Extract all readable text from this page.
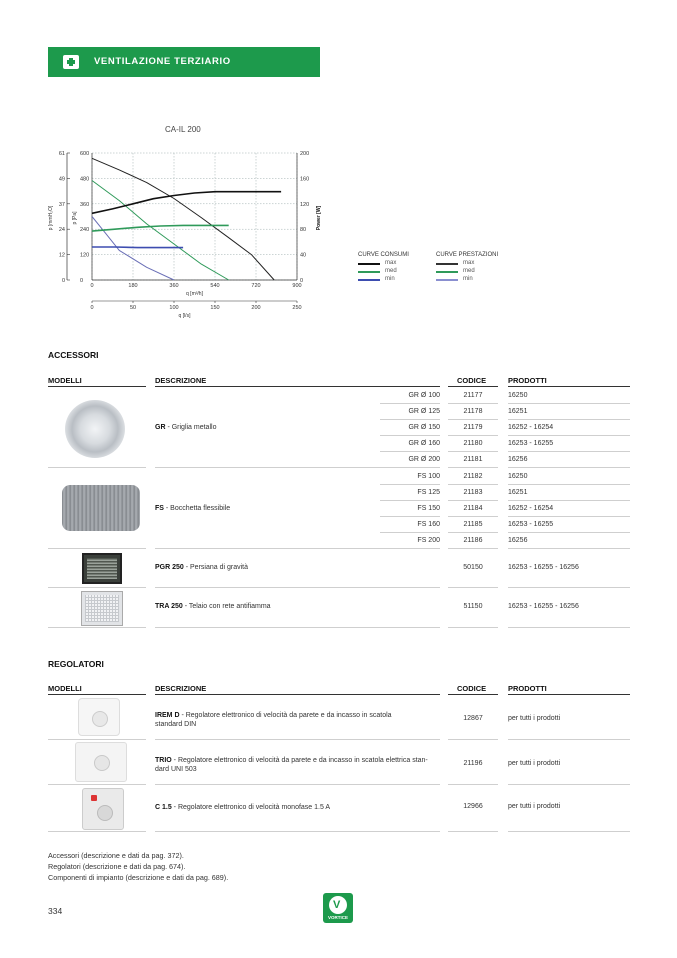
VENTILAZIONE TERZIARIO
CA-IL 200
61
49
37
24
12
0
600
480
360
240
120
0
200
160
120
80
40
0
0	180	360	540	720	900
q [m³/h]
0	50	100	150	200	250
q [l/s]
p [mmH₂O]	p [Pa]	Power [W]
CURVE CONSUMI	CURVE PRESTAZIONI
max
med
min
max
med
min
ACCESSORI
MODELLI	DESCRIZIONE	CODICE	PRODOTTI
GR - Griglia metallo
FS - Bocchetta flessibile
PGR 250 - Persiana di gravità	50150	16253 - 16255 - 16256
TRA 250 - Telaio con rete antifiamma	51150	16253 - 16255 - 16256
REGOLATORI
MODELLI	DESCRIZIONE	CODICE	PRODOTTI
Accessori (descrizione e dati da pag. 372).
Regolatori (descrizione e dati da pag. 674).
Componenti di impianto (descrizione e dati da pag. 689).
334	V
VORTICE
GR Ø 100	21177	16250
GR Ø 125	21178	16251
GR Ø 150	21179	16252 - 16254
GR Ø 160	21180	16253 - 16255
GR Ø 200	21181	16256
FS 100	21182	16250
FS 125	21183	16251
FS 150	21184	16252 - 16254
FS 160	21185	16253 - 16255
FS 200	21186	16256
IREM D - Regolatore elettronico di velocità da parete e da incasso in scatola
standard DIN
12867	per tutti i prodotti
TRIO - Regolatore elettronico di velocità da parete e da incasso in scatola elettrica stan-
dard UNI 503
21196	per tutti i prodotti
C 1.5 - Regolatore elettronico di velocità monofase 1.5 A	12966	per tutti i prodotti
